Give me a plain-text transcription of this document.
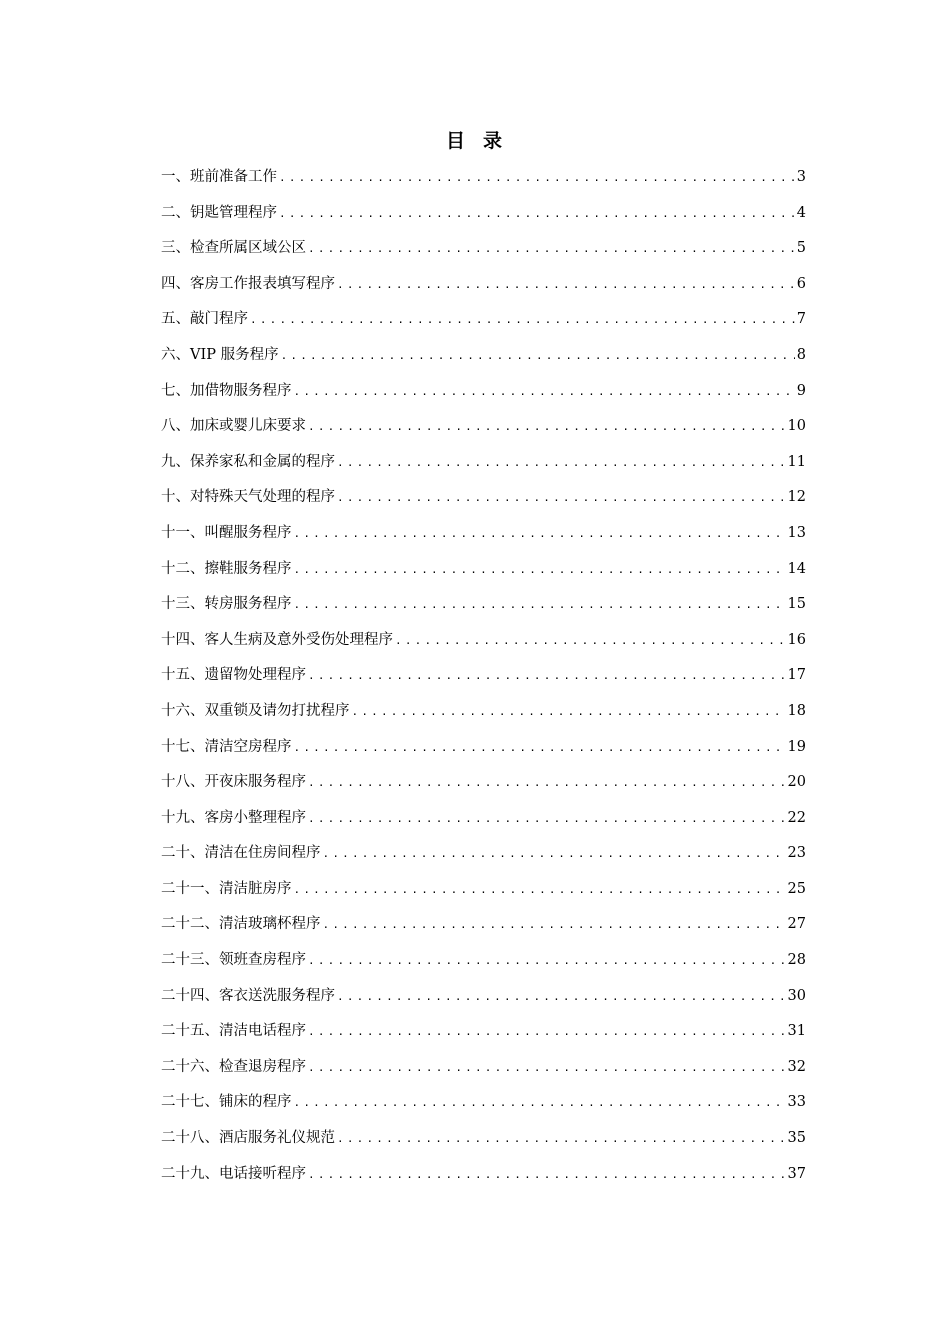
目 录
一、班前准备工作 .....	3
二、钥匙管理程序 .....	4
三、检查所属区域公区 .....	5
四、客房工作报表填写程序 .....	6
五、敲门程序 .....	7
六、VIP 服务程序 .....	8
七、加借物服务程序 .....	9
八、加床或婴儿床要求 .....	10
九、保养家私和金属的程序 .....	11
十、对特殊天气处理的程序 .....	12
十一、叫醒服务程序 .....	13
十二、擦鞋服务程序 .....	14
十三、转房服务程序 .....	15
十四、客人生病及意外受伤处理程序 .....	16
十五、遗留物处理程序 .....	17
十六、双重锁及请勿打扰程序 .....	18
十七、清洁空房程序 .....	19
十八、开夜床服务程序 .....	20
十九、客房小整理程序 .....	22
二十、清洁在住房间程序 .....	23
二十一、清洁脏房序 .....	25
二十二、清洁玻璃杯程序 .....	27
二十三、领班查房程序 .....	28
二十四、客衣送洗服务程序 .....	30
二十五、清洁电话程序 .....	31
二十六、检查退房程序 .....	32
二十七、铺床的程序 .....	33
二十八、酒店服务礼仪规范 .....	35
二十九、电话接听程序 .....	37
